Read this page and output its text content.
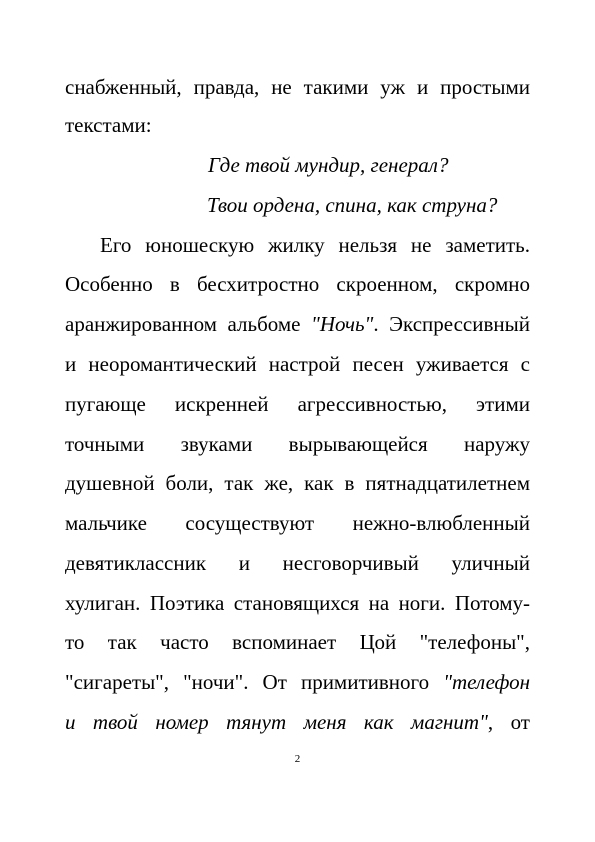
снабженный, правда, не такими уж и простыми

текстами:

Где твой мундир, генерал?
Твои ордена, спина, как струна?

Его юношескую жилку нельзя не заметить.

Особенно в бесхитростно скроенном, скромно

аранжированном альбоме "Ночь". Экспрессивный

и неоромантический настрой песен уживается с

пугающе искренней агрессивностью, этими

точными звуками вырывающейся наружу

душевной боли, так же, как в пятнадцатилетнем

мальчике сосуществуют нежно-влюбленный

девятиклассник и несговорчивый уличный

хулиган. Поэтика становящихся на ноги. Потому-

то так часто вспоминает Цой "телефоны",

"сигареты", "ночи". От примитивного "телефон

и твой номер тянут меня как магнит", от

2
